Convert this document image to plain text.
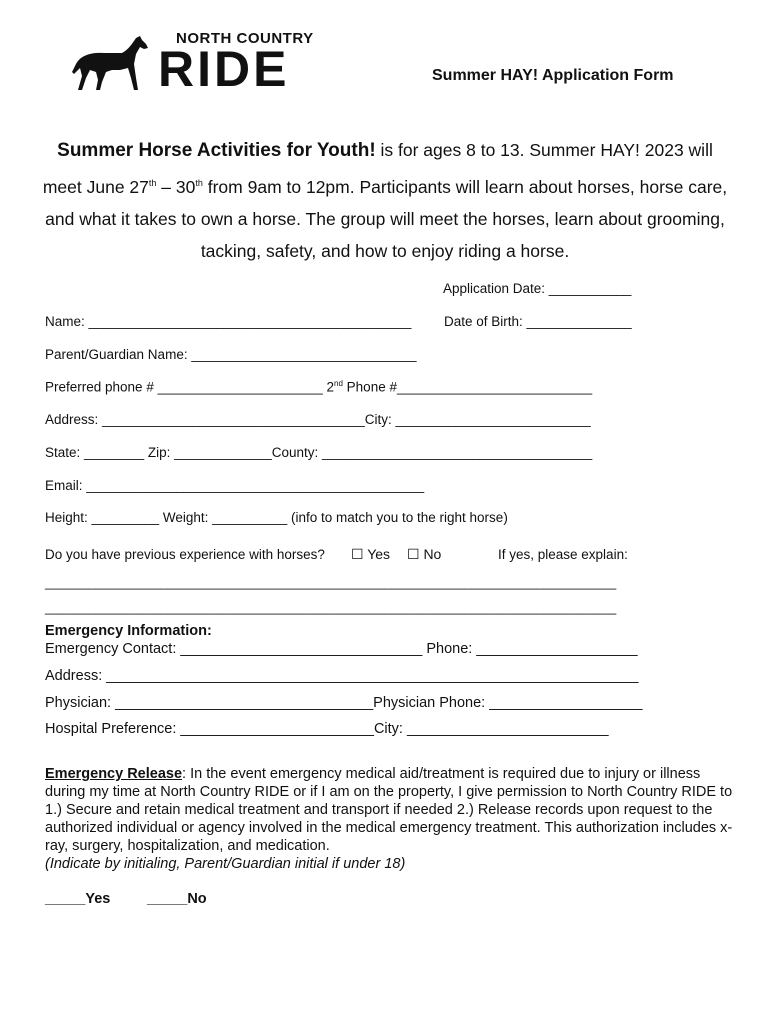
NORTH COUNTRY
RIDE	Summer HAY! Application Form
Summer Horse Activities for Youth! is for ages 8 to 13. Summer HAY! 2023 will meet June 27th – 30th from 9am to 12pm. Participants will learn about horses, horse care, and what it takes to own a horse. The group will meet the horses, learn about grooming, tacking, safety, and how to enjoy riding a horse.
Application Date: ___________
Name: ___________________________________________ Date of Birth: ______________
Parent/Guardian Name: ______________________________
Preferred phone # ______________________ 2nd Phone #__________________________
Address: ___________________________________City: __________________________
State: ________ Zip: _____________County: ____________________________________
Email: _____________________________________________
Height: _________ Weight: __________ (info to match you to the right horse)
Do you have previous experience with horses? ☐ Yes ☐ No	If yes, please explain:
_______________________________________________________________________________
_______________________________________________________________________________
Emergency Information:
Emergency Contact: ______________________________ Phone: ____________________
Address: __________________________________________________________________
Physician: ________________________________Physician Phone: ___________________
Hospital Preference: ________________________City: _________________________
Emergency Release: In the event emergency medical aid/treatment is required due to injury or illness during my time at North Country RIDE or if I am on the property, I give permission to North Country RIDE to 1.) Secure and retain medical treatment and transport if needed 2.) Release records upon request to the authorized individual or agency involved in the medical emergency treatment. This authorization includes x-ray, surgery, hospitalization, and medication.
(Indicate by initialing, Parent/Guardian initial if under 18)
_____Yes	_____No
